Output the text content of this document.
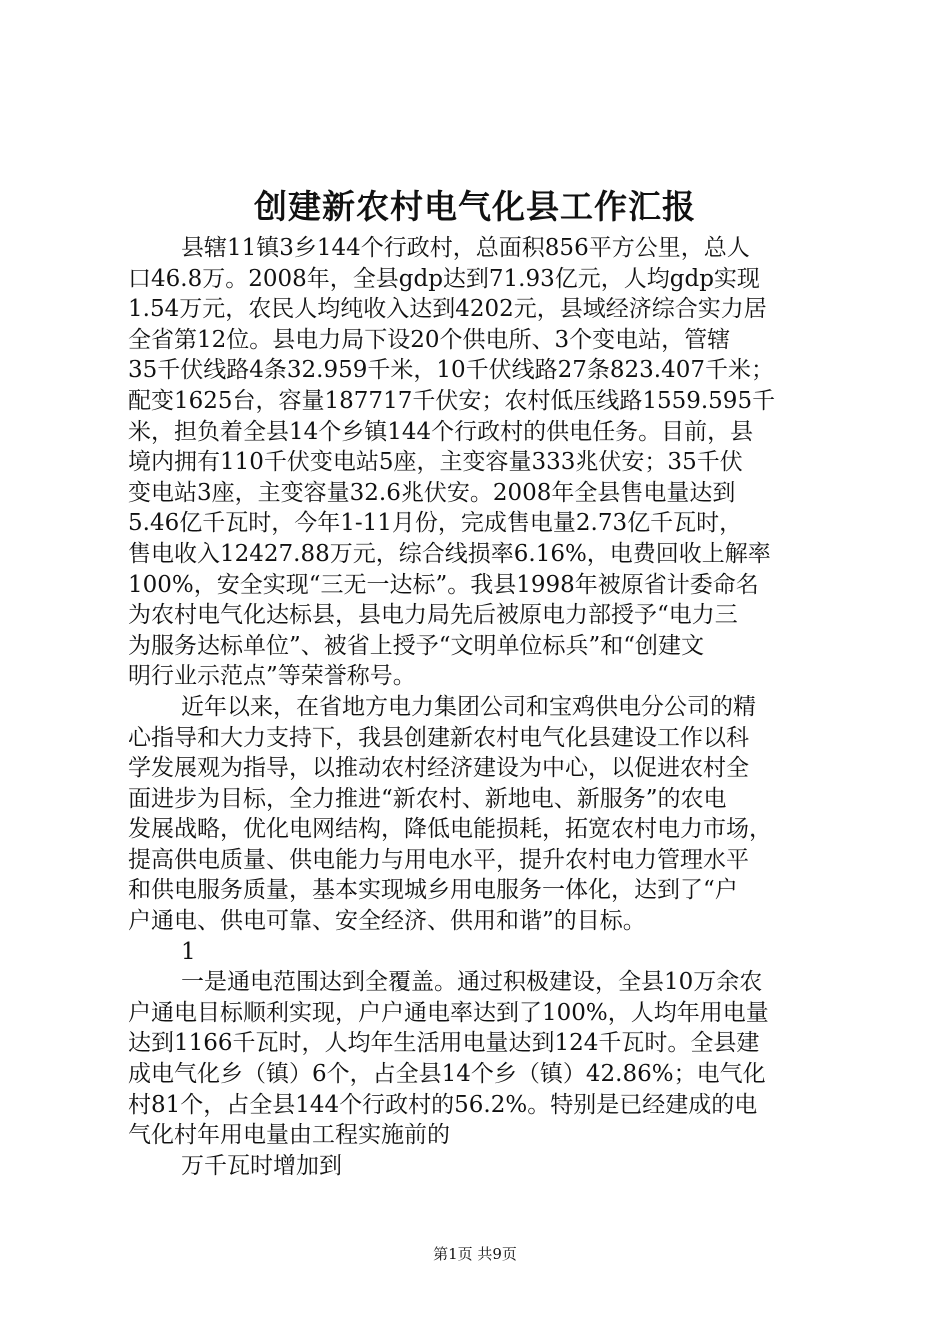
创建新农村电气化县工作汇报
县辖11镇3乡144个行政村，总面积856平方公里，总人
口46.8万。2008年，全县gdp达到71.93亿元，人均gdp实现
1.54万元，农民人均纯收入达到4202元，县域经济综合实力居
全省第12位。县电力局下设20个供电所、3个变电站，管辖
35千伏线路4条32.959千米，10千伏线路27条823.407千米；
配变1625台，容量187717千伏安；农村低压线路1559.595千
米，担负着全县14个乡镇144个行政村的供电任务。目前，县
境内拥有110千伏变电站5座，主变容量333兆伏安；35千伏
变电站3座，主变容量32.6兆伏安。2008年全县售电量达到
5.46亿千瓦时，今年1-11月份，完成售电量2.73亿千瓦时，
售电收入12427.88万元，综合线损率6.16%，电费回收上解率
100%，安全实现“三无一达标”。我县1998年被原省计委命名
为农村电气化达标县，县电力局先后被原电力部授予“电力三
为服务达标单位”、被省上授予“文明单位标兵”和“创建文
明行业示范点”等荣誉称号。
近年以来，在省地方电力集团公司和宝鸡供电分公司的精
心指导和大力支持下，我县创建新农村电气化县建设工作以科
学发展观为指导，以推动农村经济建设为中心，以促进农村全
面进步为目标，全力推进“新农村、新地电、新服务”的农电
发展战略，优化电网结构，降低电能损耗，拓宽农村电力市场，
提高供电质量、供电能力与用电水平，提升农村电力管理水平
和供电服务质量，基本实现城乡用电服务一体化，达到了“户
户通电、供电可靠、安全经济、供用和谐”的目标。
1
一是通电范围达到全覆盖。通过积极建设，全县10万余农
户通电目标顺利实现，户户通电率达到了100%，人均年用电量
达到1166千瓦时，人均年生活用电量达到124千瓦时。全县建
成电气化乡（镇）6个，占全县14个乡（镇）42.86%；电气化
村81个，占全县144个行政村的56.2%。特别是已经建成的电
气化村年用电量由工程实施前的
万千瓦时增加到
第1页 共9页
